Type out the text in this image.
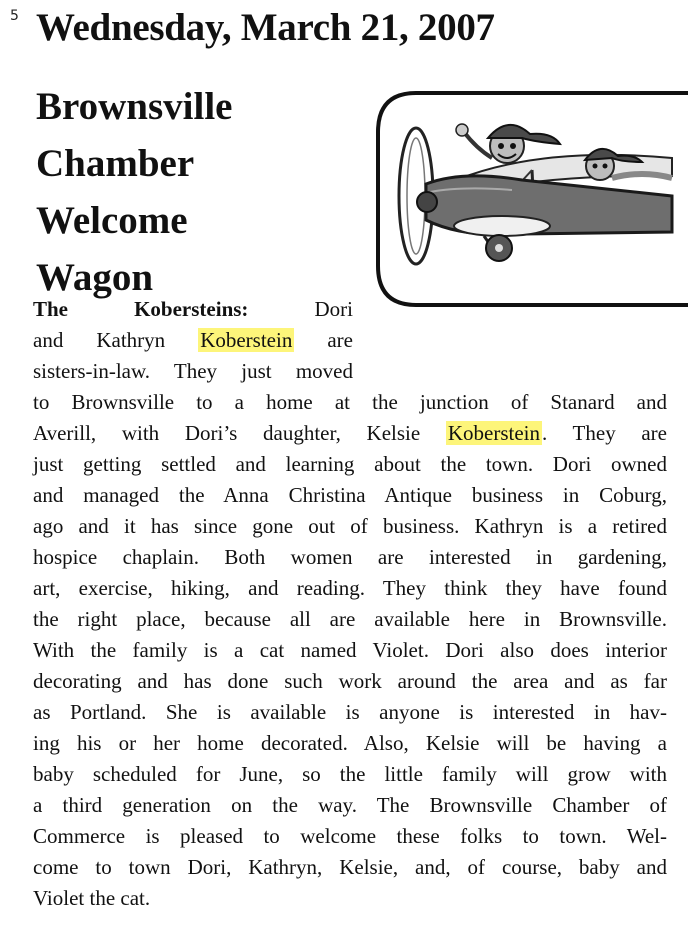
5 Wednesday, March 21, 2007
Brownsville
Chamber
Welcome
Wagon
The Kobersteins:	Dori
and Kathryn Koberstein are
sisters-in-law. They just moved
to Brownsville to a home at the junction of Stanard and
Averill, with Dori’s daughter, Kelsie Koberstein. They are
just getting settled and learning about the town. Dori owned
and managed the Anna Christina Antique business in Coburg,
ago and it has since gone out of business. Kathryn is a retired
hospice chaplain. Both women are interested in gardening,
art, exercise, hiking, and reading. They think they have found
the right place, because all are available here in Brownsville.
With the family is a cat named Violet. Dori also does interior
decorating and has done such work around the area and as far
as Portland. She is available is anyone is interested in hav-
ing his or her home decorated. Also, Kelsie will be having a
baby scheduled for June, so the little family will grow with
a third generation on the way. The Brownsville Chamber of
Commerce is pleased to welcome these folks to town. Wel-
come to town Dori, Kathryn, Kelsie, and, of course, baby and
Violet the cat.
